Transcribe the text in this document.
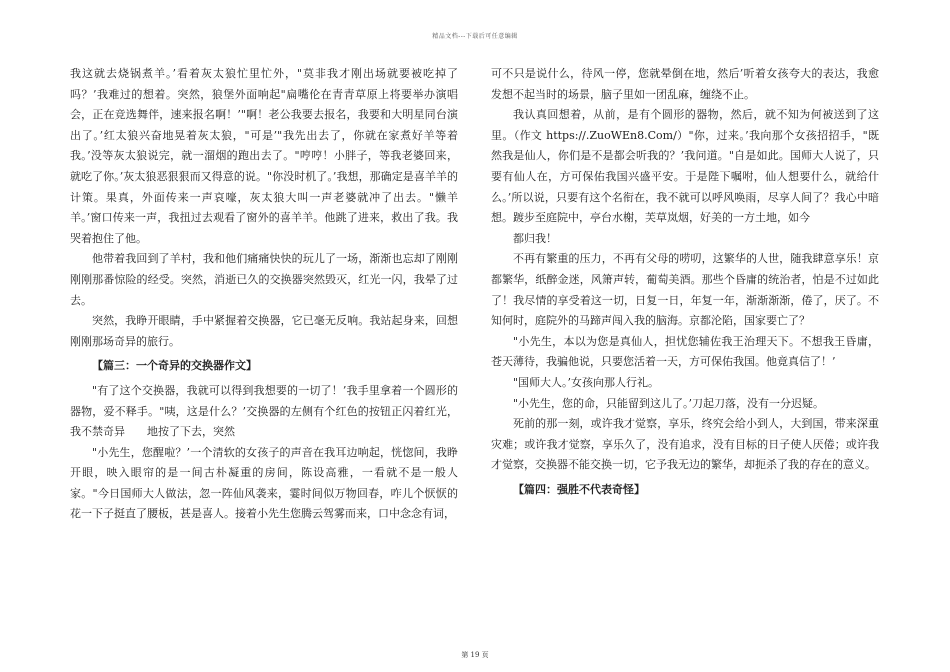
精品文档---下载后可任意编辑

我这就去烧锅煮羊。’看着灰太狼忙里忙外，"莫非我才刚出场就要被吃掉了吗？’我难过的想着。突然，狼堡外面响起"扁嘴伦在青青草原上将要举办演唱会，正在竞选舞伴，速来报名啊！’"啊！老公我要去报名，我要和大明星同台演出了。’红太狼兴奋地晃着灰太狼，"可是’"我先出去了，你就在家煮好羊等着我。’没等灰太狼说完，就一溜烟的跑出去了。"哼哼！小胖子，等我老婆回来，就吃了你。’灰太狼恶狠狠而又得意的说。"你没时机了。’我想，那确定是喜羊羊的计策。果真，外面传来一声哀嚎，灰太狼大叫一声老婆就冲了出去。"懒羊羊。’窗口传来一声，我扭过去观看了窗外的喜羊羊。他跳了进来，救出了我。我哭着抱住了他。

他带着我回到了羊村，我和他们痛痛快快的玩儿了一场，渐渐也忘却了刚刚刚刚那番惊险的经受。突然，消逝已久的交换器突然毁灭，红光一闪，我晕了过去。

突然，我睁开眼睛，手中紧握着交换器，它已毫无反响。我站起身来，回想刚刚那场奇异的旅行。

【篇三：一个奇异的交换器作文】

"有了这个交换器，我就可以得到我想要的一切了！’我手里拿着一个圆形的器物，爱不释手。"咦，这是什么？’交换器的左侧有个红色的按钮正闪着红光，我不禁奇异　　地按了下去，突然

"小先生，您醒啦？’一个清软的女孩子的声音在我耳边响起，恍惚间，我睁开眼，映入眼帘的是一间古朴凝重的房间，陈设高雅，一看就不是一般人家。"今日国师大人做法，忽一阵仙风袭来，霎时间似万物回春，咋儿个恹恹的花一下子挺直了腰板，甚是喜人。接着小先生您腾云驾雾而来，口中念念有词，

可不只是说什么，待风一停，您就晕倒在地，然后’听着女孩夸大的表达，我愈发想不起当时的场景，脑子里如一团乱麻，缠绕不止。

我认真回想着，从前，是有个圆形的器物，然后，就不知为何被送到了这里。（作文 https://.ZuoWEn8.Com/）"你，过来。’我向那个女孩招招手，"既然我是仙人，你们是不是都会听我的？’我问道。"自是如此。国师大人说了，只要有仙人在，方可保佑我国兴盛平安。于是陛下嘱咐，仙人想要什么，就给什么。’所以说，只要有这个名衔在，我不就可以呼风唤雨，尽享人间了？我心中暗想。踱步至庭院中，亭台水榭，芙草岚烟，好美的一方土地，如今

都归我！

不再有繁重的压力，不再有父母的唠叨，这繁华的人世，随我肆意享乐！京都繁华，纸醉金迷，风箫声转，葡萄美酒。那些个昏庸的统治者，怕是不过如此了！我尽情的享受着这一切，日复一日，年复一年，渐渐渐渐，倦了，厌了。不知何时，庭院外的马蹄声闯入我的脑海。京都沦陷，国家要亡了？

"小先生，本以为您是真仙人，担忧您辅佐我王治理天下。不想我王昏庸，苍天薄待，我骗他说，只要您活着一天，方可保佑我国。他竟真信了！’

"国师大人。’女孩向那人行礼。

"小先生，您的命，只能留到这儿了。’刀起刀落，没有一分迟疑。

死前的那一刻，或许我才觉察，享乐，终究会给小到人，大到国，带来深重灾难；或许我才觉察，享乐久了，没有追求，没有目标的日子使人厌倦；或许我才觉察，交换器不能交换一切，它予我无边的繁华，却扼杀了我的存在的意义。

【篇四：强胜不代表奇怪】

第 19 页
